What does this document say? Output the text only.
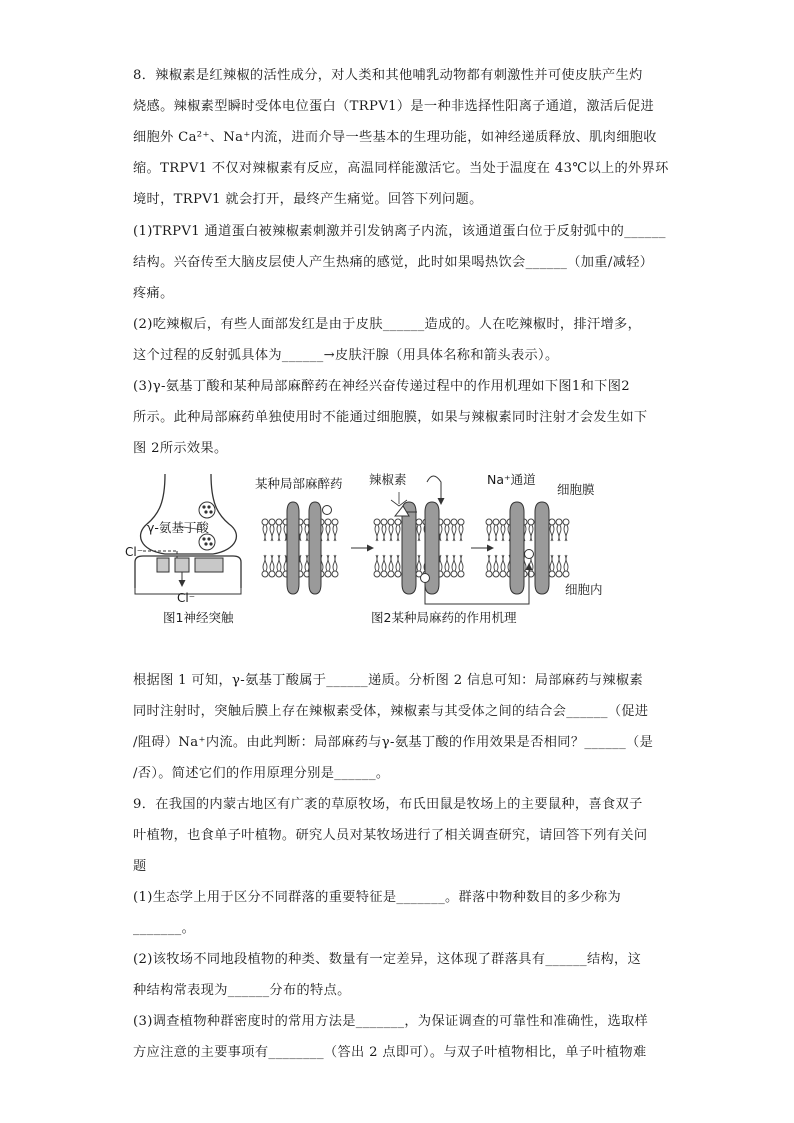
8．辣椒素是红辣椒的活性成分，对人类和其他哺乳动物都有刺激性并可使皮肤产生灼
烧感。辣椒素型瞬时受体电位蛋白（TRPV1）是一种非选择性阳离子通道，激活后促进
细胞外 Ca²⁺、Na⁺内流，进而介导一些基本的生理功能，如神经递质释放、肌肉细胞收
缩。TRPV1 不仅对辣椒素有反应，高温同样能激活它。当处于温度在 43℃以上的外界环
境时，TRPV1 就会打开，最终产生痛觉。回答下列问题。
(1)TRPV1 通道蛋白被辣椒素刺激并引发钠离子内流，该通道蛋白位于反射弧中的______
结构。兴奋传至大脑皮层使人产生热痛的感觉，此时如果喝热饮会______（加重/减轻）
疼痛。
(2)吃辣椒后，有些人面部发红是由于皮肤______造成的。人在吃辣椒时，排汗增多，
这个过程的反射弧具体为______→皮肤汗腺（用具体名称和箭头表示）。
(3)γ-氨基丁酸和某种局部麻醉药在神经兴奋传递过程中的作用机理如下图1和下图2
所示。此种局部麻药单独使用时不能通过细胞膜，如果与辣椒素同时注射才会发生如下
图 2所示效果。
图1神经突触
γ-氨基丁酸
Cl⁻
Cl⁻
某种局部麻醉药 辣椒素	Na⁺通道
细胞膜
细胞内
图2某种局麻药的作用机理
根据图 1 可知，γ-氨基丁酸属于______递质。分析图 2 信息可知：局部麻药与辣椒素
同时注射时，突触后膜上存在辣椒素受体，辣椒素与其受体之间的结合会______（促进
/阻碍）Na⁺内流。由此判断：局部麻药与γ-氨基丁酸的作用效果是否相同？______（是
/否）。简述它们的作用原理分别是______。
9．在我国的内蒙古地区有广袤的草原牧场，布氏田鼠是牧场上的主要鼠种，喜食双子
叶植物，也食单子叶植物。研究人员对某牧场进行了相关调查研究，请回答下列有关问
题
(1)生态学上用于区分不同群落的重要特征是_______。群落中物种数目的多少称为
_______。
(2)该牧场不同地段植物的种类、数量有一定差异，这体现了群落具有______结构，这
种结构常表现为______分布的特点。
(3)调查植物种群密度时的常用方法是_______，为保证调查的可靠性和准确性，选取样
方应注意的主要事项有________（答出 2 点即可）。与双子叶植物相比，单子叶植物难
